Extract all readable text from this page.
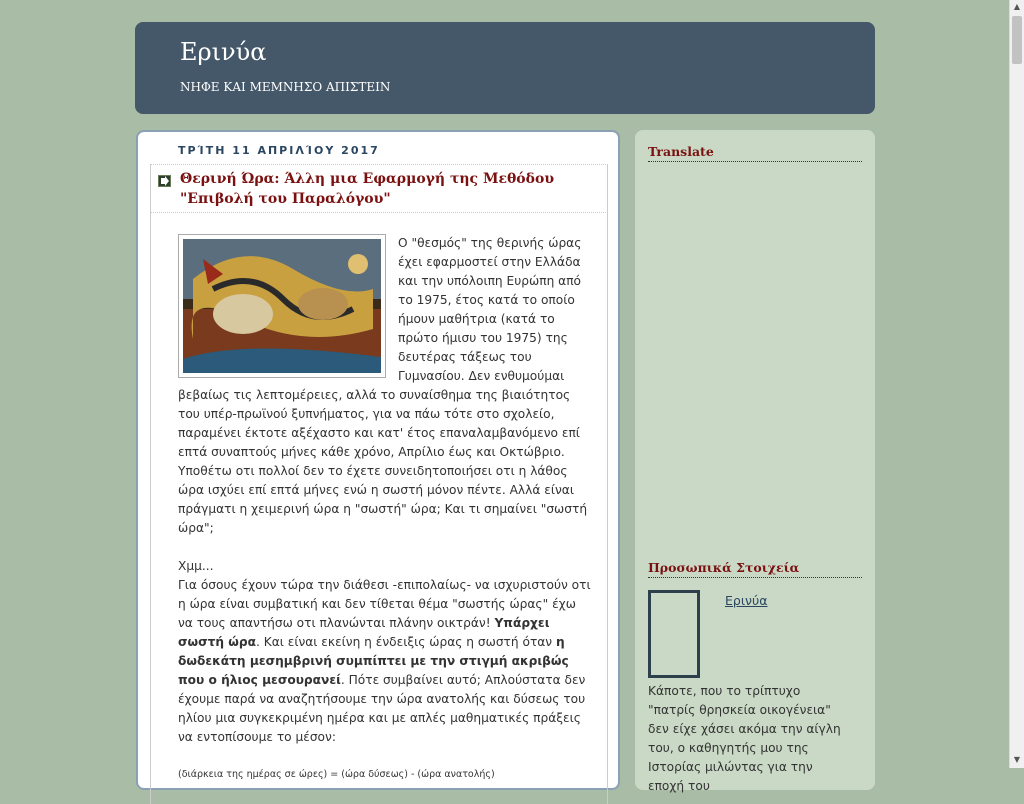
Ερινύα
ΝΗΦΕ ΚΑΙ ΜΕΜΝΗΣΟ ΑΠΙΣΤΕΙΝ
ΤΡΊΤΗ 11 ΑΠΡΙΛΊΟΥ 2017
Θερινή Ώρα: Άλλη μια Εφαρμογή της Μεθόδου "Επιβολή του Παραλόγου"
Ο "θεσμός" της θερινής ώρας έχει εφαρμοστεί στην Ελλάδα και την υπόλοιπη Ευρώπη από το 1975, έτος κατά το οποίο ήμουν μαθήτρια (κατά το πρώτο ήμισυ του 1975) της δευτέρας τάξεως του Γυμνασίου. Δεν ενθυμούμαι βεβαίως τις λεπτομέρειες, αλλά το συναίσθημα της βιαιότητος του υπέρ-πρωϊνού ξυπνήματος, για να πάω τότε στο σχολείο, παραμένει έκτοτε αξέχαστο και κατ' έτος επαναλαμβανόμενο επί επτά συναπτούς μήνες κάθε χρόνο, Απρίλιο έως και Οκτώβριο.
Υποθέτω οτι πολλοί δεν το έχετε συνειδητοποιήσει οτι η λάθος ώρα ισχύει επί επτά μήνες ενώ η σωστή μόνον πέντε. Αλλά είναι πράγματι η χειμερινή ώρα η "σωστή" ώρα; Και τι σημαίνει "σωστή ώρα";

Χμμ...
Για όσους έχουν τώρα την διάθεσι -επιπολαίως- να ισχυριστούν οτι η ώρα είναι συμβατική και δεν τίθεται θέμα "σωστής ώρας" έχω να τους απαντήσω οτι πλανώνται πλάνην οικτράν! Υπάρχει σωστή ώρα. Και είναι εκείνη η ένδειξις ώρας η σωστή όταν η δωδεκάτη μεσημβρινή συμπίπτει με την στιγμή ακριβώς που ο ήλιος μεσουρανεί. Πότε συμβαίνει αυτό; Απλούστατα δεν έχουμε παρά να αναζητήσουμε την ώρα ανατολής και δύσεως του ηλίου μια συγκεκριμένη ημέρα και με απλές μαθηματικές πράξεις να εντοπίσουμε το μέσον:
(διάρκεια της ημέρας σε ώρες) = (ώρα δύσεως) - (ώρα ανατολής)
Translate
Προσωπικά Στοιχεία
Ερινύα
Κάποτε, που το τρίπτυχο "πατρίς θρησκεία οικογένεια" δεν είχε χάσει ακόμα την αίγλη του, ο καθηγητής μου της Ιστορίας μιλώντας για την εποχή του
▲
▼
